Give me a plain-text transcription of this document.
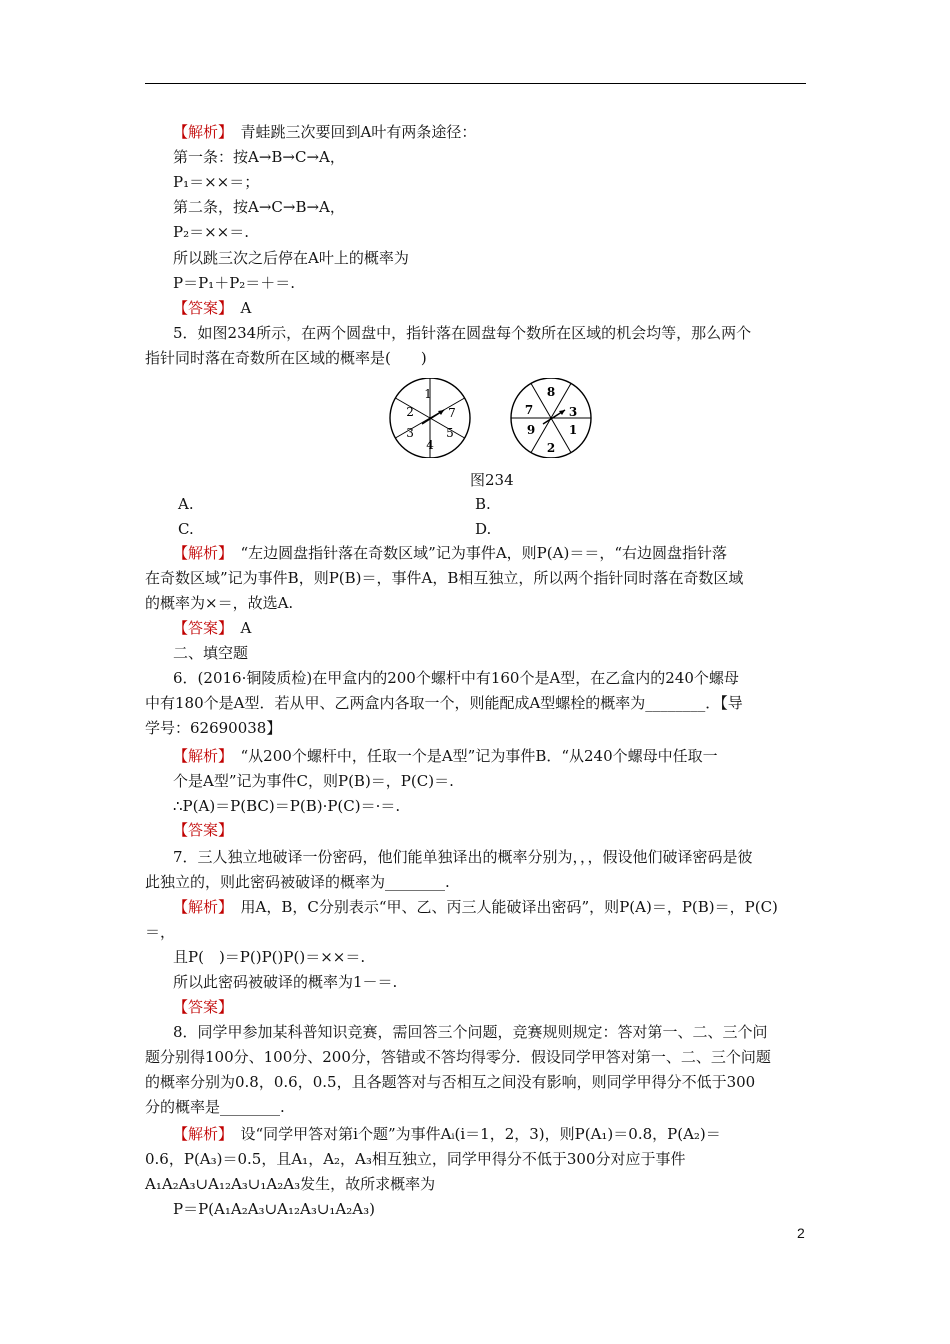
【解析】　青蛙跳三次要回到A叶有两条途径：
第一条：按A→B→C→A，
P₁＝××＝；
第二条，按A→C→B→A，
P₂＝××＝.
所以跳三次之后停在A叶上的概率为
P＝P₁＋P₂＝＋＝.
【答案】　A
5．如图234所示，在两个圆盘中，指针落在圆盘每个数所在区域的机会均等，那么两个
指针同时落在奇数所在区域的概率是(　　)
【解析】　“左边圆盘指针落在奇数区域”记为事件A，则P(A)＝＝，“右边圆盘指针落
在奇数区域”记为事件B，则P(B)＝，事件A，B相互独立，所以两个指针同时落在奇数区域
的概率为×＝，故选A.
【答案】　A
二、填空题
6．(2016·铜陵质检)在甲盒内的200个螺杆中有160个是A型，在乙盒内的240个螺母
中有180个是A型．若从甲、乙两盒内各取一个，则能配成A型螺栓的概率为________．【导
学号：62690038】
【解析】　“从200个螺杆中，任取一个是A型”记为事件B．“从240个螺母中任取一
个是A型”记为事件C，则P(B)＝，P(C)＝.
∴P(A)＝P(BC)＝P(B)·P(C)＝·＝.
【答案】
7．三人独立地破译一份密码，他们能单独译出的概率分别为，，，假设他们破译密码是彼
此独立的，则此密码被破译的概率为________.
【解析】　用A，B，C分别表示“甲、乙、丙三人能破译出密码”，则P(A)＝，P(B)＝，P(C)
＝，
且P(　)＝P()P()P()＝××＝.
所以此密码被破译的概率为1－＝.
【答案】
8．同学甲参加某科普知识竞赛，需回答三个问题，竞赛规则规定：答对第一、二、三个问
题分别得100分、100分、200分，答错或不答均得零分．假设同学甲答对第一、二、三个问题
的概率分别为0.8，0.6，0.5，且各题答对与否相互之间没有影响，则同学甲得分不低于300
分的概率是________.
【解析】　设“同学甲答对第i个题”为事件Aᵢ(i＝1，2，3)，则P(A₁)＝0.8，P(A₂)＝
0.6，P(A₃)＝0.5，且A₁，A₂，A₃相互独立，同学甲得分不低于300分对应于事件
A₁A₂A₃∪A₁₂A₃∪₁A₂A₃发生，故所求概率为
P＝P(A₁A₂A₃∪A₁₂A₃∪₁A₂A₃)
1
7
5
4
3
2
8
3
1
2
9
7
图234
A.	B.
C.	D.
2
